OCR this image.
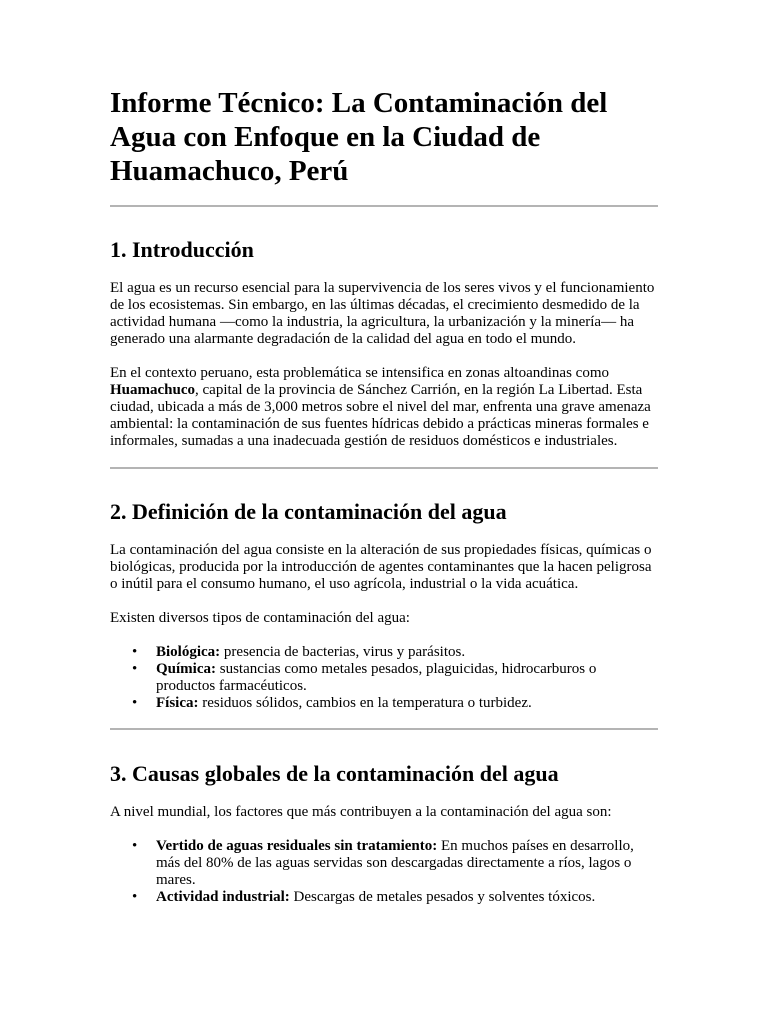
Informe Técnico: La Contaminación del Agua con Enfoque en la Ciudad de Huamachuco, Perú
1. Introducción

El agua es un recurso esencial para la supervivencia de los seres vivos y el funcionamiento de los ecosistemas. Sin embargo, en las últimas décadas, el crecimiento desmedido de la actividad humana —como la industria, la agricultura, la urbanización y la minería— ha generado una alarmante degradación de la calidad del agua en todo el mundo.

En el contexto peruano, esta problemática se intensifica en zonas altoandinas como Huamachuco, capital de la provincia de Sánchez Carrión, en la región La Libertad. Esta ciudad, ubicada a más de 3,000 metros sobre el nivel del mar, enfrenta una grave amenaza ambiental: la contaminación de sus fuentes hídricas debido a prácticas mineras formales e informales, sumadas a una inadecuada gestión de residuos domésticos e industriales.

2. Definición de la contaminación del agua

La contaminación del agua consiste en la alteración de sus propiedades físicas, químicas o biológicas, producida por la introducción de agentes contaminantes que la hacen peligrosa o inútil para el consumo humano, el uso agrícola, industrial o la vida acuática.

Existen diversos tipos de contaminación del agua:

• Biológica: presencia de bacterias, virus y parásitos.
• Química: sustancias como metales pesados, plaguicidas, hidrocarburos o productos farmacéuticos.
• Física: residuos sólidos, cambios en la temperatura o turbidez.
3. Causas globales de la contaminación del agua

A nivel mundial, los factores que más contribuyen a la contaminación del agua son:

• Vertido de aguas residuales sin tratamiento: En muchos países en desarrollo, más del 80% de las aguas servidas son descargadas directamente a ríos, lagos o mares.
• Actividad industrial: Descargas de metales pesados y solventes tóxicos.
